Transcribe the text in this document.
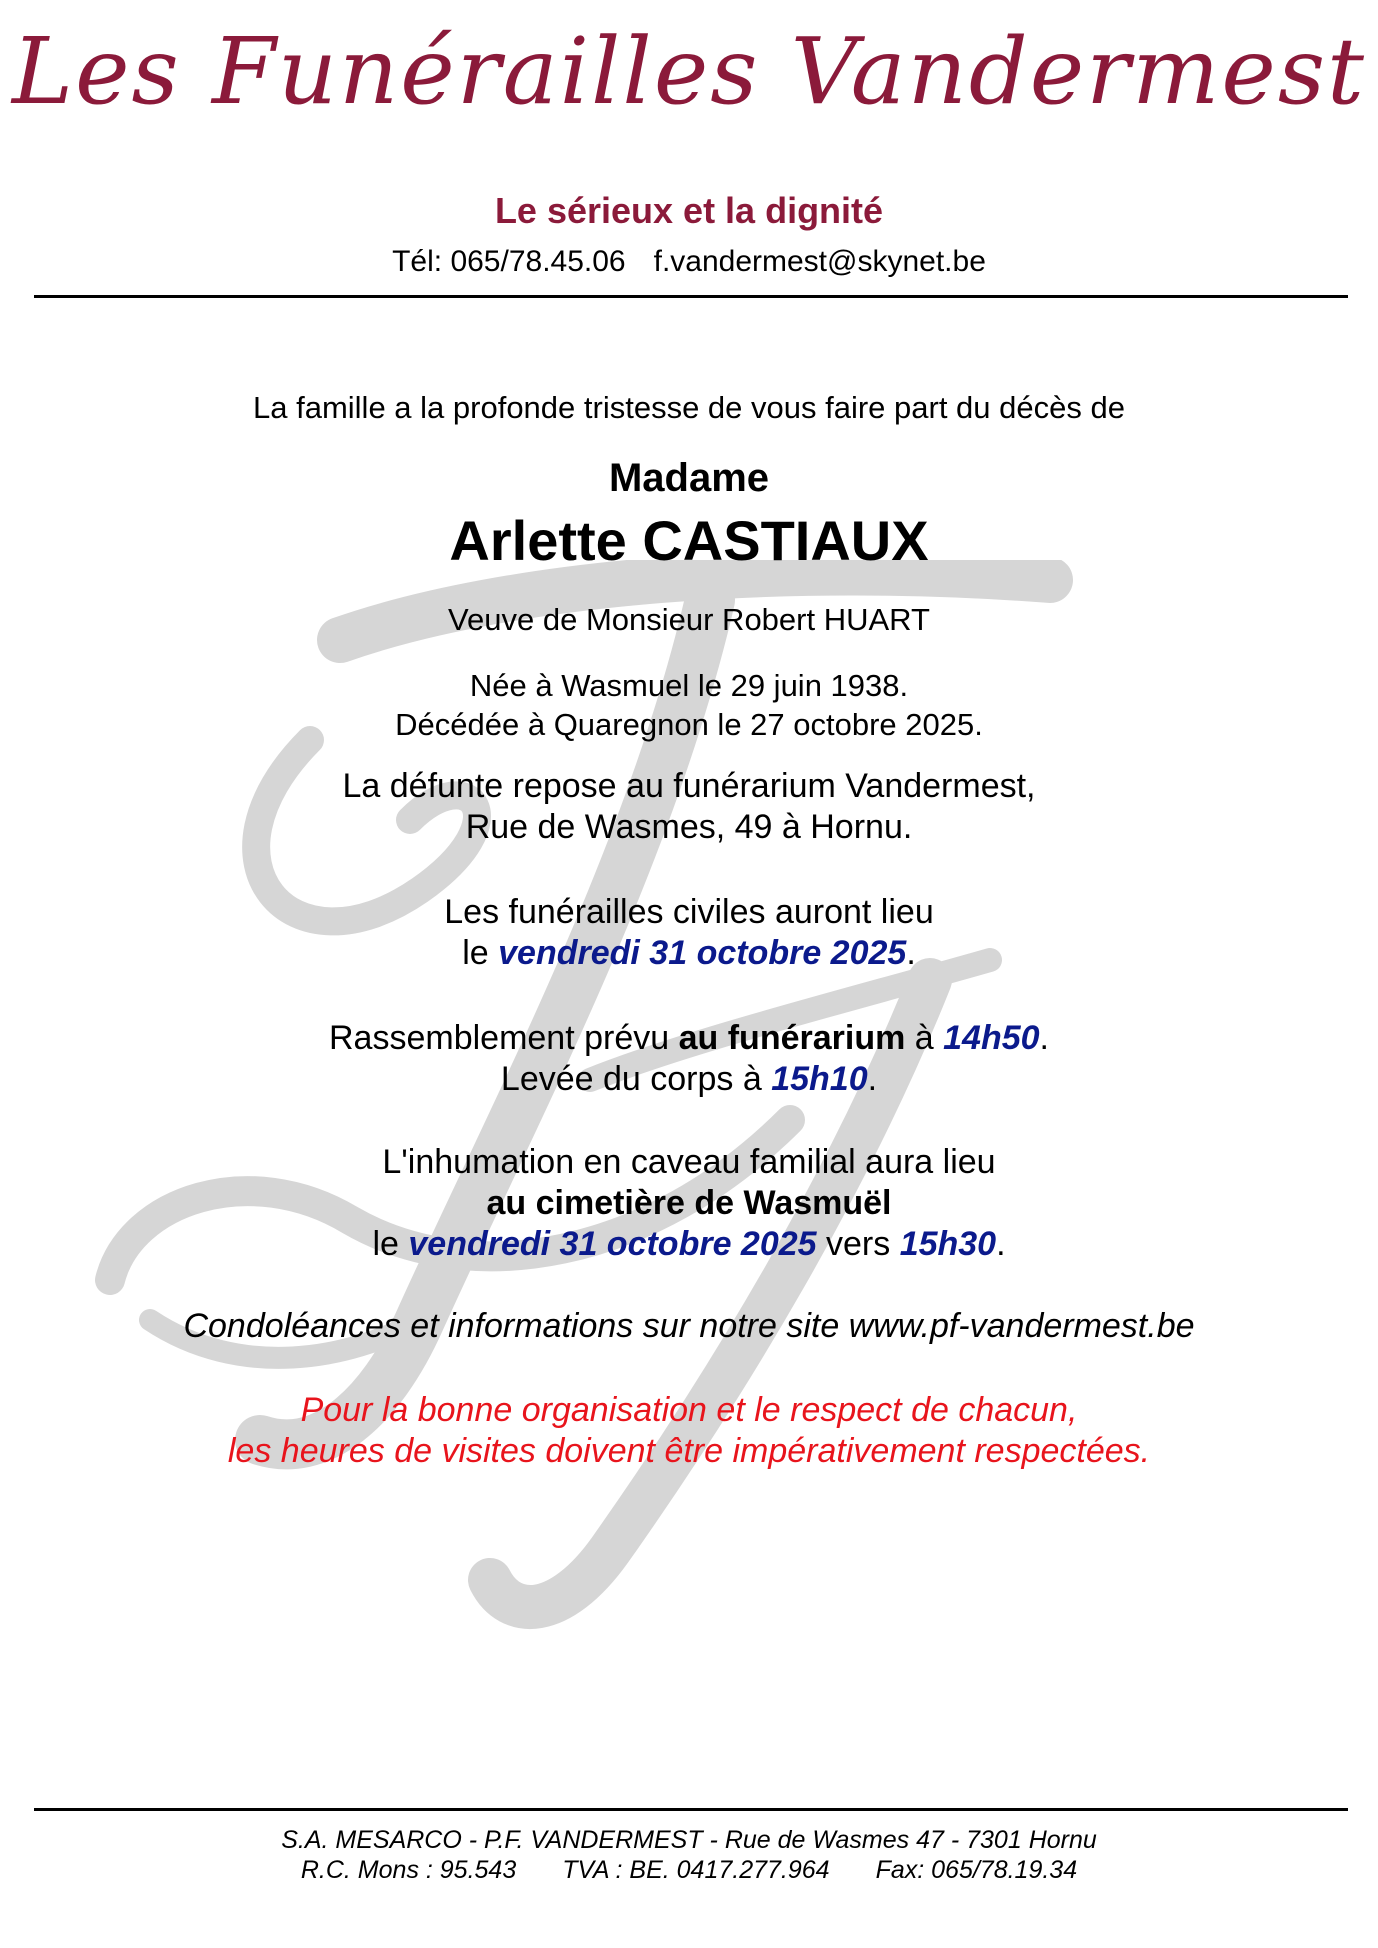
Les Funérailles Vandermest
Le sérieux et la dignité
Tél: 065/78.45.06 f.vandermest@skynet.be
La famille a la profonde tristesse de vous faire part du décès de
Madame
Arlette CASTIAUX
Veuve de Monsieur Robert HUART
Née à Wasmuel le 29 juin 1938.
Décédée à Quaregnon le 27 octobre 2025.
La défunte repose au funérarium Vandermest,
Rue de Wasmes, 49 à Hornu.
Les funérailles civiles auront lieu
le vendredi 31 octobre 2025.
Rassemblement prévu au funérarium à 14h50.
Levée du corps à 15h10.
L'inhumation en caveau familial aura lieu
au cimetière de Wasmuël
le vendredi 31 octobre 2025 vers 15h30.
Condoléances et informations sur notre site www.pf-vandermest.be
Pour la bonne organisation et le respect de chacun,
les heures de visites doivent être impérativement respectées.
S.A. MESARCO - P.F. VANDERMEST - Rue de Wasmes 47 - 7301 Hornu
R.C. Mons : 95.543 TVA : BE. 0417.277.964 Fax: 065/78.19.34
